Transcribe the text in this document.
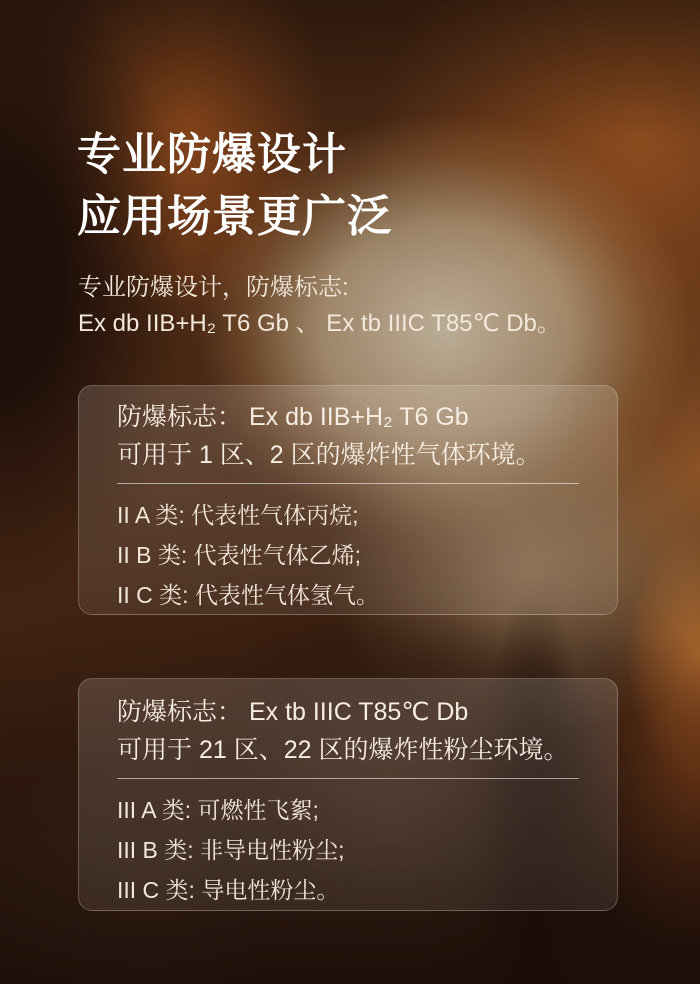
专业防爆设计
应用场景更广泛
专业防爆设计，防爆标志:
Ex db IIB+H₂ T6 Gb 、 Ex tb IIIC T85℃ Db。
防爆标志： Ex db IIB+H₂ T6 Gb
可用于 1 区、2 区的爆炸性气体环境。
II A 类: 代表性气体丙烷;
II B 类: 代表性气体乙烯;
II C 类: 代表性气体氢气。
防爆标志： Ex tb IIIC T85℃ Db
可用于 21 区、22 区的爆炸性粉尘环境。
III A 类: 可燃性飞絮;
III B 类: 非导电性粉尘;
III C 类: 导电性粉尘。
